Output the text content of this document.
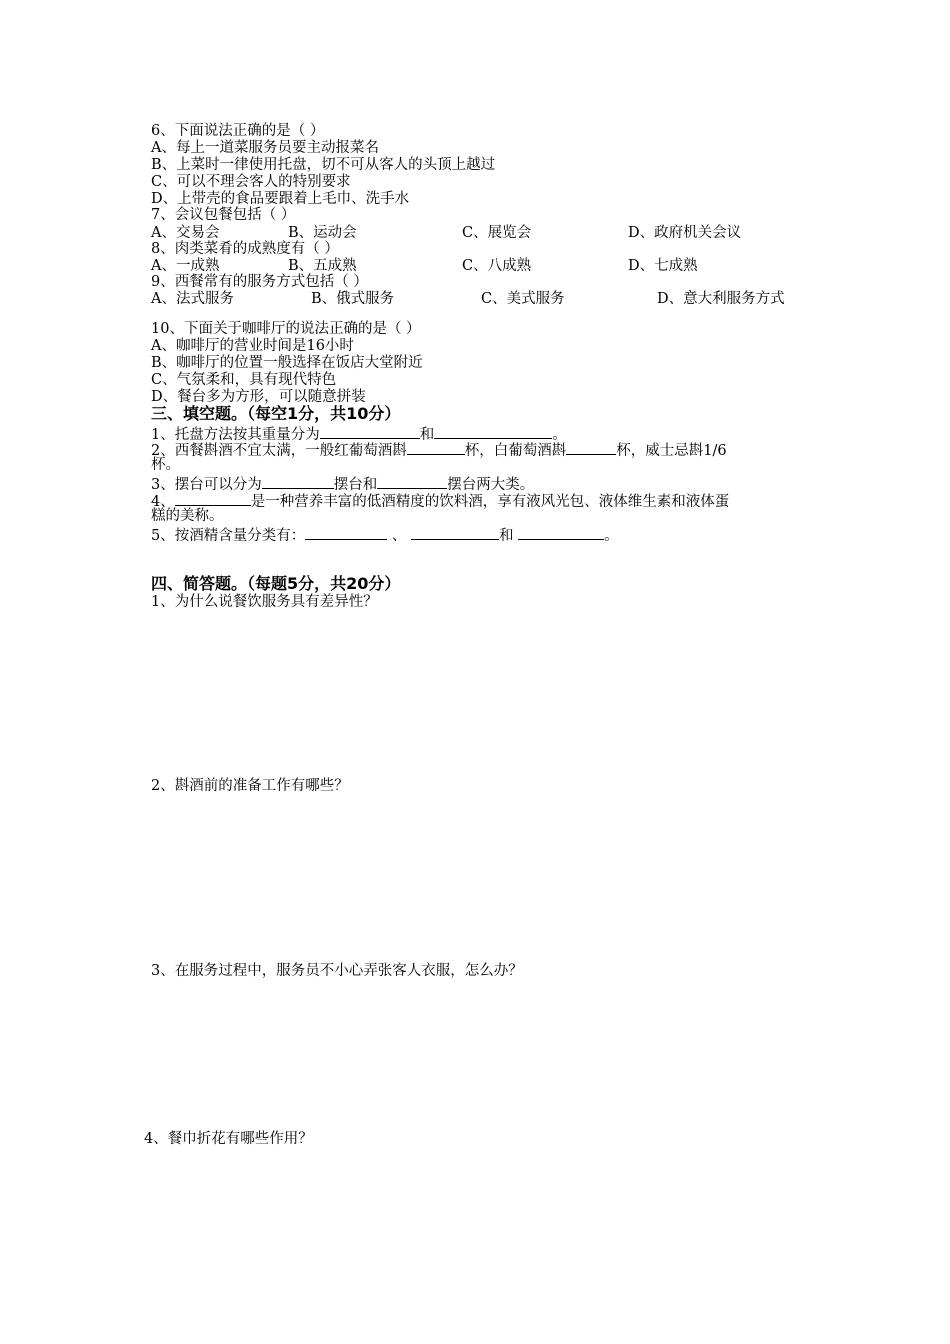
6、下面说法正确的是（ ）
A、每上一道菜服务员要主动报菜名
B、上菜时一律使用托盘，切不可从客人的头顶上越过
C、可以不理会客人的特别要求
D、上带壳的食品要跟着上毛巾、洗手水
7、会议包餐包括（ ）
A、交易会	B、运动会	C、展览会	D、政府机关会议
8、肉类菜肴的成熟度有（ ）
A、一成熟	B、五成熟	C、八成熟	D、七成熟
9、西餐常有的服务方式包括（ ）
A、法式服务	B、俄式服务	C、美式服务	D、意大利服务方式
10、下面关于咖啡厅的说法正确的是（ ）
A、咖啡厅的营业时间是16小时
B、咖啡厅的位置一般选择在饭店大堂附近
C、气氛柔和，具有现代特色
D、餐台多为方形，可以随意拼装
三、填空题。（每空1分，共10分）
1、托盘方法按其重量分为	和	。
2、西餐斟酒不宜太满，一般红葡萄酒斟	杯，白葡萄酒斟	杯，威士忌斟1/6
杯。
3、摆台可以分为	摆台和	摆台两大类。
4、	是一种营养丰富的低酒精度的饮料酒，享有液风光包、液体维生素和液体蛋
糕的美称。
5、按酒精含量分类有：	、	和	。
四、简答题。（每题5分，共20分）
1、为什么说餐饮服务具有差异性？
2、斟酒前的准备工作有哪些？
3、在服务过程中，服务员不小心弄张客人衣服，怎么办？
4、餐巾折花有哪些作用？
